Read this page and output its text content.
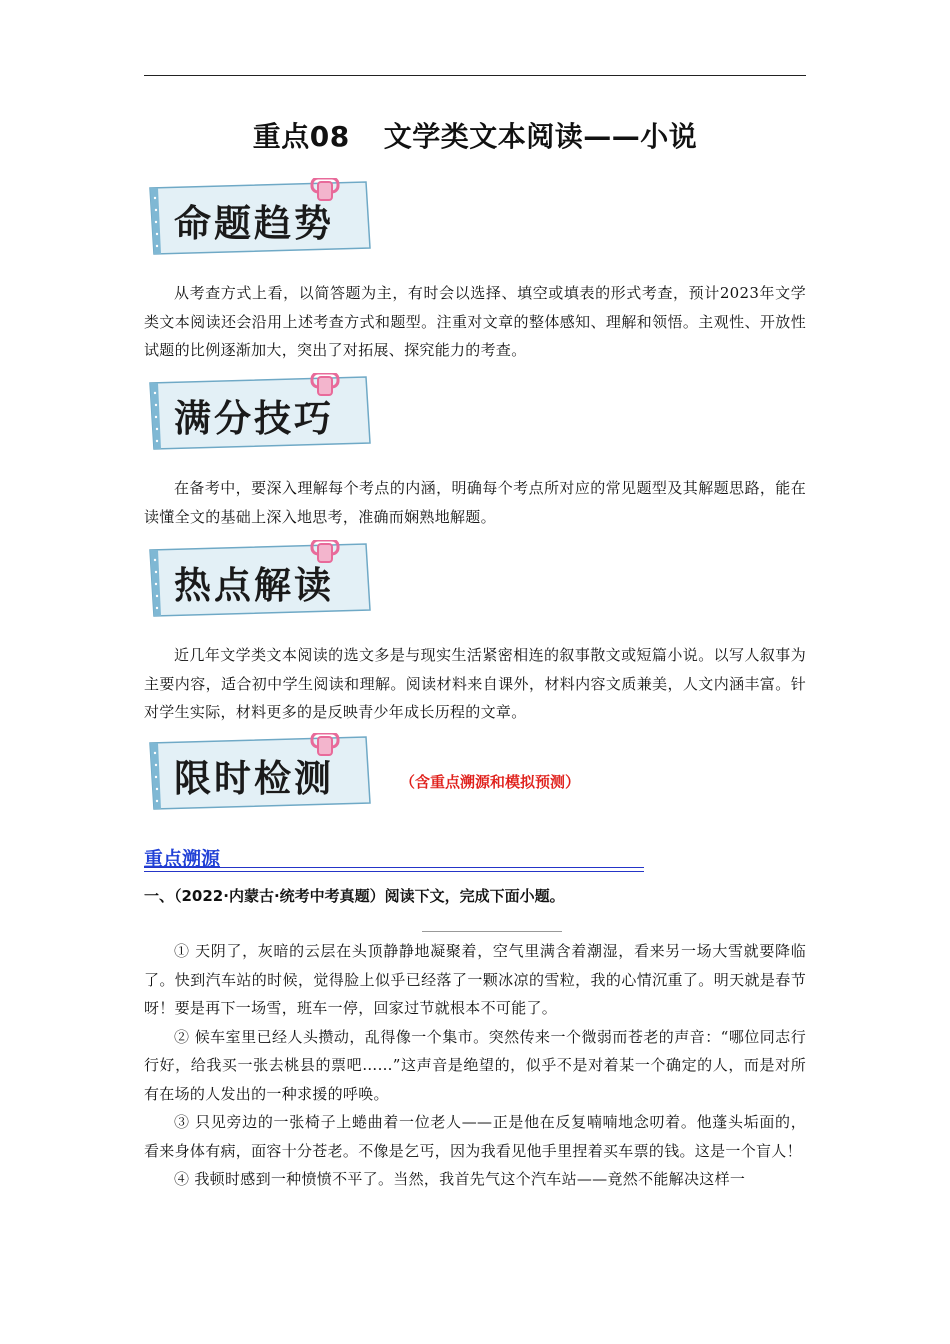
重点08 文学类文本阅读——小说
命题趋势

从考查方式上看，以简答题为主，有时会以选择、填空或填表的形式考查，预计2023年文学类文本阅读还会沿用上述考查方式和题型。注重对文章的整体感知、理解和领悟。主观性、开放性试题的比例逐渐加大，突出了对拓展、探究能力的考查。

满分技巧

在备考中，要深入理解每个考点的内涵，明确每个考点所对应的常见题型及其解题思路，能在读懂全文的基础上深入地思考，准确而娴熟地解题。

热点解读

近几年文学类文本阅读的选文多是与现实生活紧密相连的叙事散文或短篇小说。以写人叙事为主要内容，适合初中学生阅读和理解。阅读材料来自课外，材料内容文质兼美，人文内涵丰富。针对学生实际，材料更多的是反映青少年成长历程的文章。

限时检测	（含重点溯源和模拟预测）
重点溯源
一、（2022·内蒙古·统考中考真题）阅读下文，完成下面小题。

① 天阴了，灰暗的云层在头顶静静地凝聚着，空气里满含着潮湿，看来另一场大雪就要降临了。快到汽车站的时候，觉得脸上似乎已经落了一颗冰凉的雪粒，我的心情沉重了。明天就是春节呀！要是再下一场雪，班车一停，回家过节就根本不可能了。

② 候车室里已经人头攒动，乱得像一个集市。突然传来一个微弱而苍老的声音：“哪位同志行行好，给我买一张去桃县的票吧……”这声音是绝望的，似乎不是对着某一个确定的人，而是对所有在场的人发出的一种求援的呼唤。

③ 只见旁边的一张椅子上蜷曲着一位老人——正是他在反复喃喃地念叨着。他蓬头垢面的，看来身体有病，面容十分苍老。不像是乞丐，因为我看见他手里捏着买车票的钱。这是一个盲人！

④ 我顿时感到一种愤愤不平了。当然，我首先气这个汽车站——竟然不能解决这样一
